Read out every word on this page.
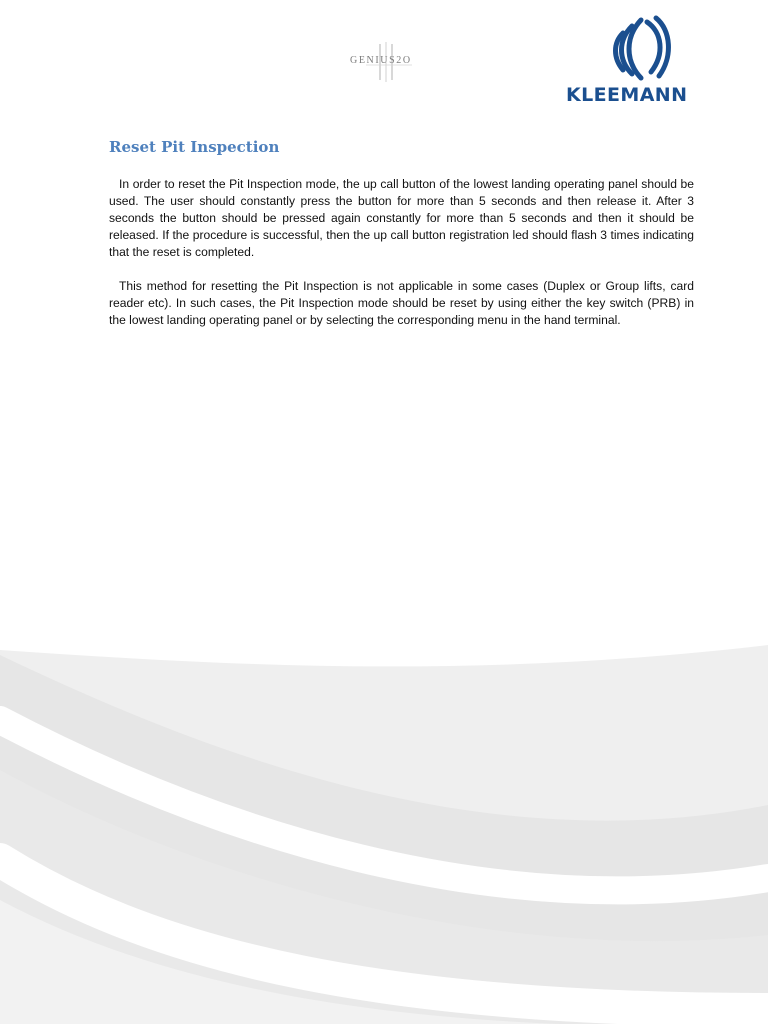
GENIUS2O
KLEEMANN
Reset Pit Inspection

In order to reset the Pit Inspection mode, the up call button of the lowest landing operating panel should be used. The user should constantly press the button for more than 5 seconds and then release it. After 3 seconds the button should be pressed again constantly for more than 5 seconds and then it should be released. If the procedure is successful, then the up call button registration led should flash 3 times indicating that the reset is completed.

This method for resetting the Pit Inspection is not applicable in some cases (Duplex or Group lifts, card reader etc). In such cases, the Pit Inspection mode should be reset by using either the key switch (PRB) in the lowest landing operating panel or by selecting the corresponding menu in the hand terminal.
